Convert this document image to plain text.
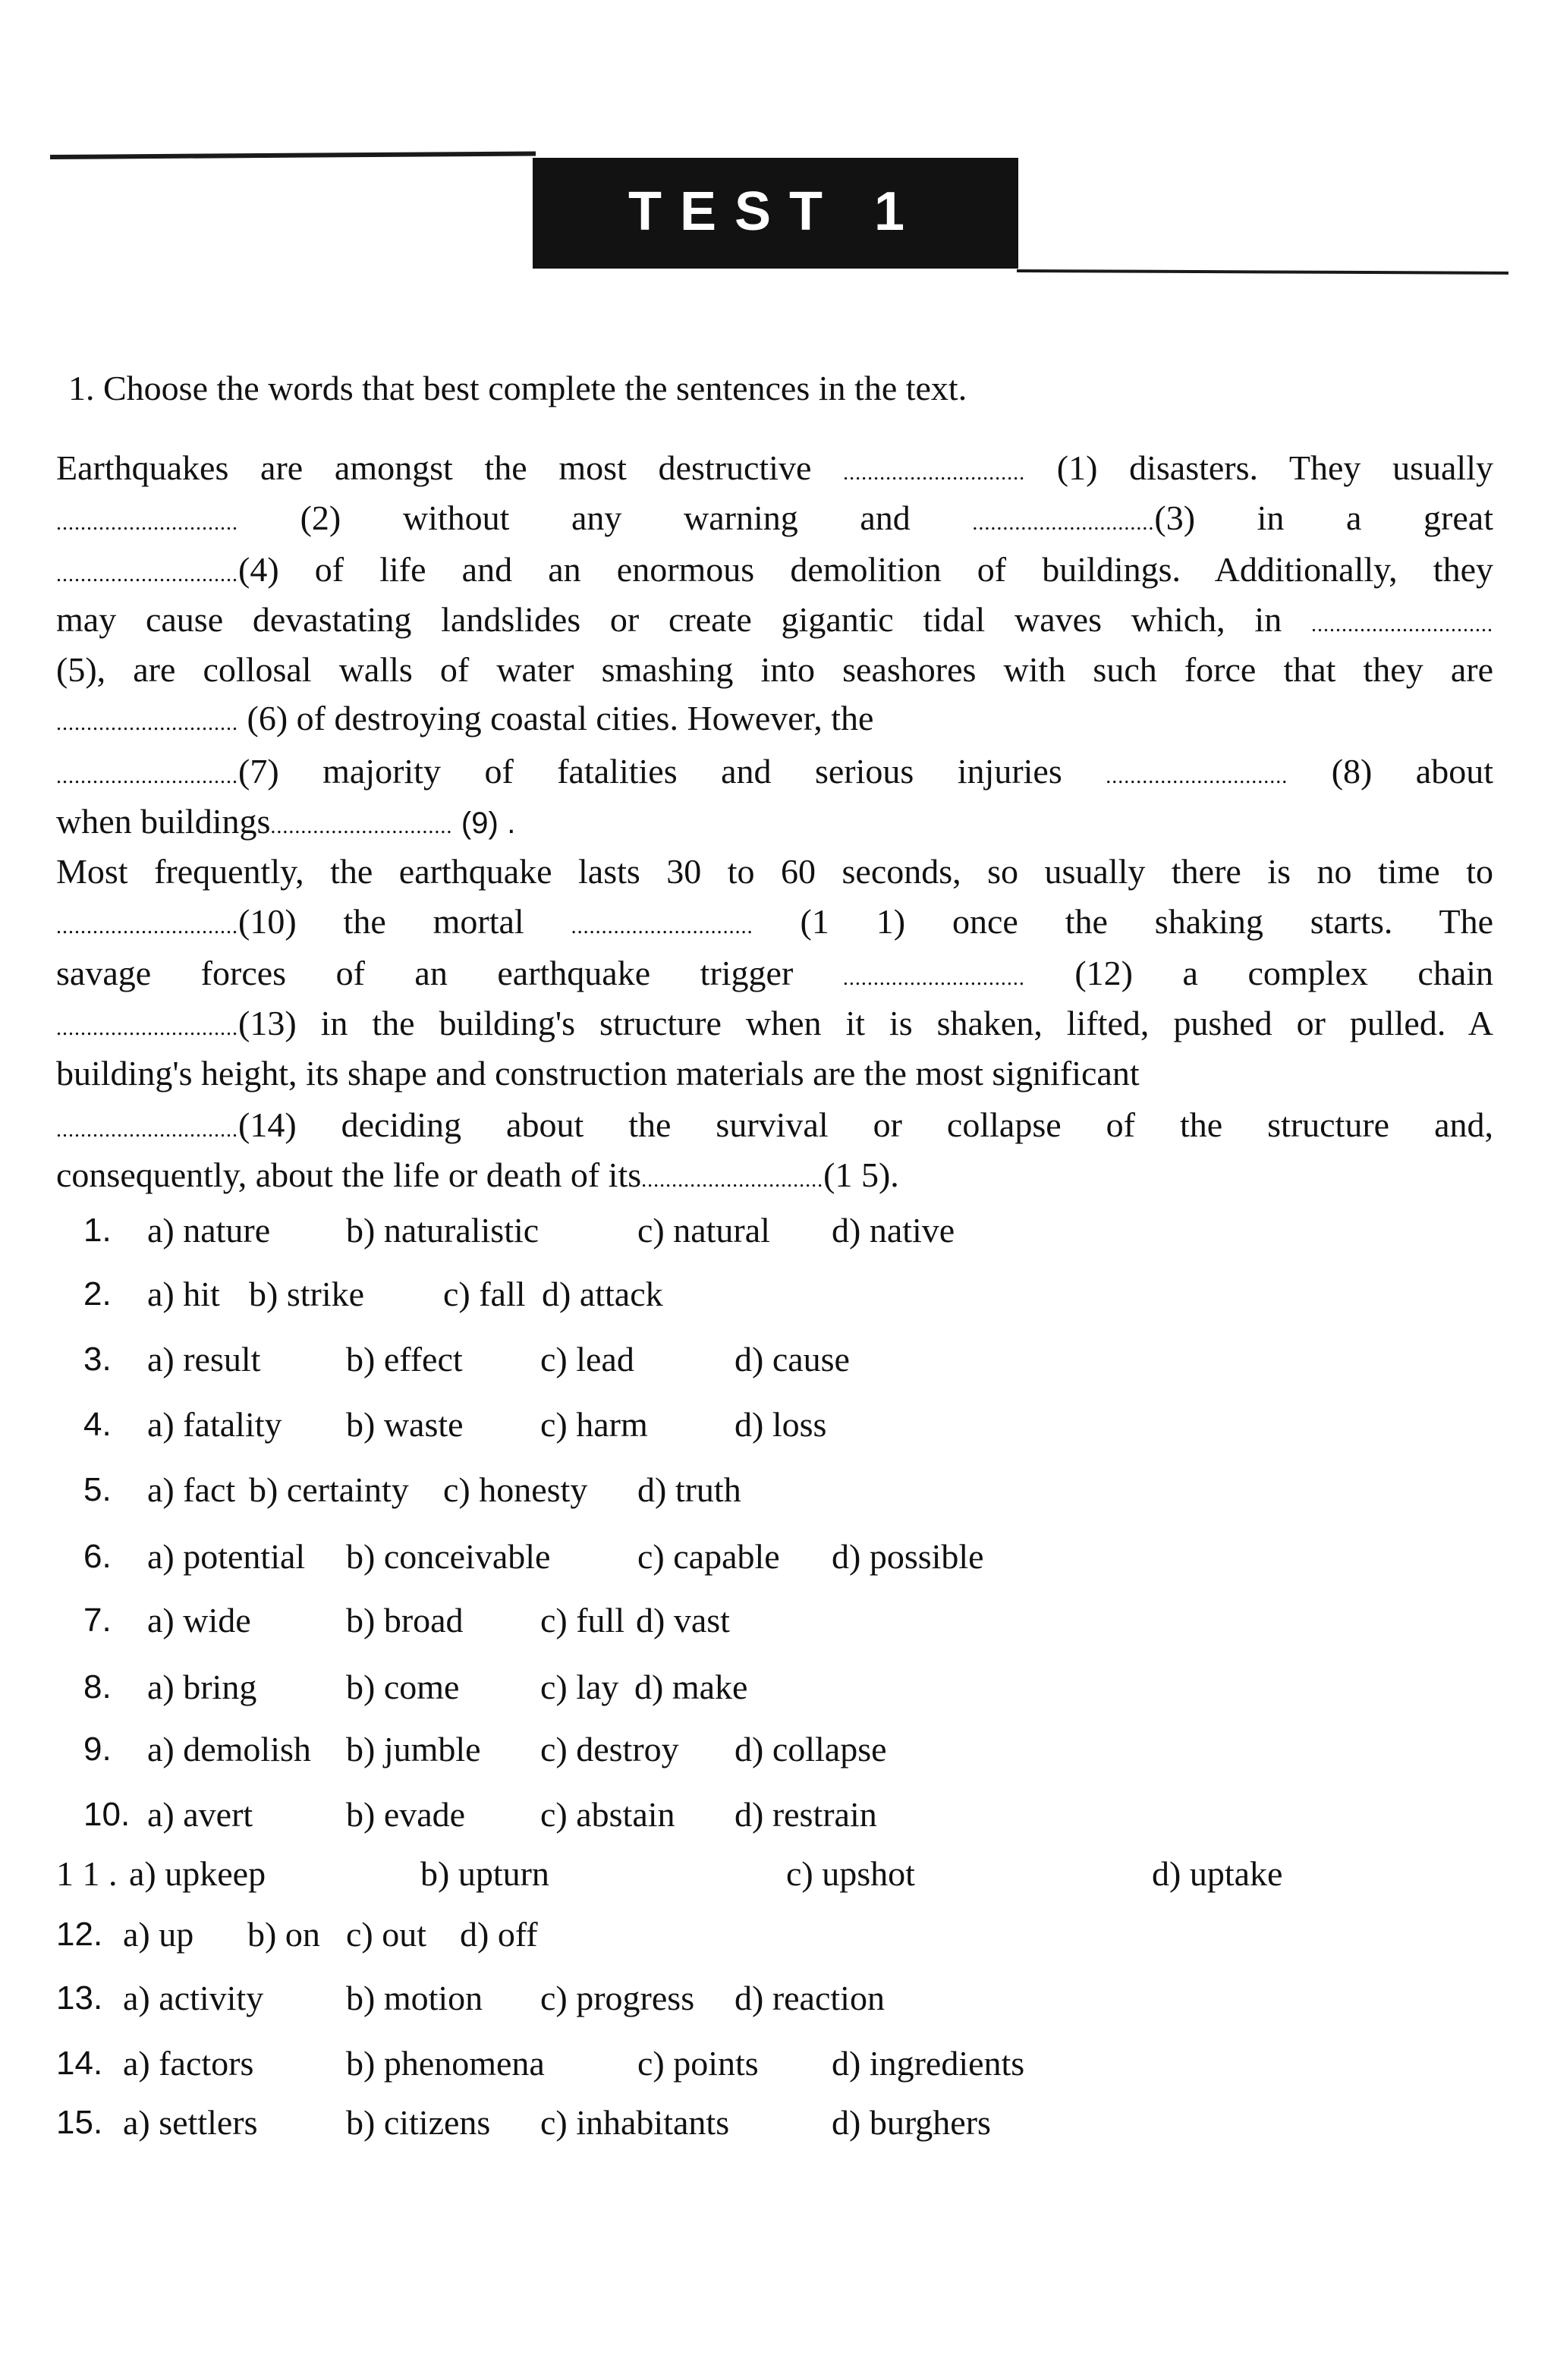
TEST 1
1. Choose the words that best complete the sentences in the text.
Earthquakes are amongst the most destructive .............................. (1) disasters. They usually
.............................. (2) without any warning and	..............................(3) in a great
..............................(4) of life and an enormous demolition of buildings. Additionally, they
may cause devastating landslides or create gigantic tidal waves which, in ..............................
(5), are collosal walls of water smashing into seashores with such force that they are
.............................. (6) of destroying coastal cities. However, the
..............................(7) majority of fatalities and serious injuries .............................. (8) about
when buildings.............................. (9) .
Most frequently, the earthquake lasts 30 to 60 seconds, so usually there is no time to
..............................(10) the mortal .............................. (1 1) once the shaking starts. The
savage forces of an earthquake trigger .............................. (12) a complex chain
..............................(13) in the building's structure when it is shaken, lifted, pushed or pulled. A
building's height, its shape and construction materials are the most significant
..............................(14) deciding about the survival or collapse of the structure and,
consequently, about the life or death of its..............................(1 5).
1. a) nature b) naturalistic	c) natural d) native
2. a) hit b) strike c) fall d) attack
3. a) result b) effect c) lead	d) cause
4. a) fatality b) waste c) harm d) loss
5. a) fact b) certainty c) honesty d) truth
6. a) potential b) conceivable c) capable d) possible
7. a) wide	b) broad c) full d) vast
8. a) bring	b) come c) lay d) make
9. a) demolish b) jumble c) destroy d) collapse
10. a) avert	b) evade c) abstain d) restrain
1 1 . a) upkeep	b) upturn	c) upshot	d) uptake
12. a) up b) on c) out d) off
13. a) activity b) motion c) progress d) reaction
14. a) factors	b) phenomena	c) points d) ingredients
15. a) settlers	b) citizens c) inhabitants	d) burghers
